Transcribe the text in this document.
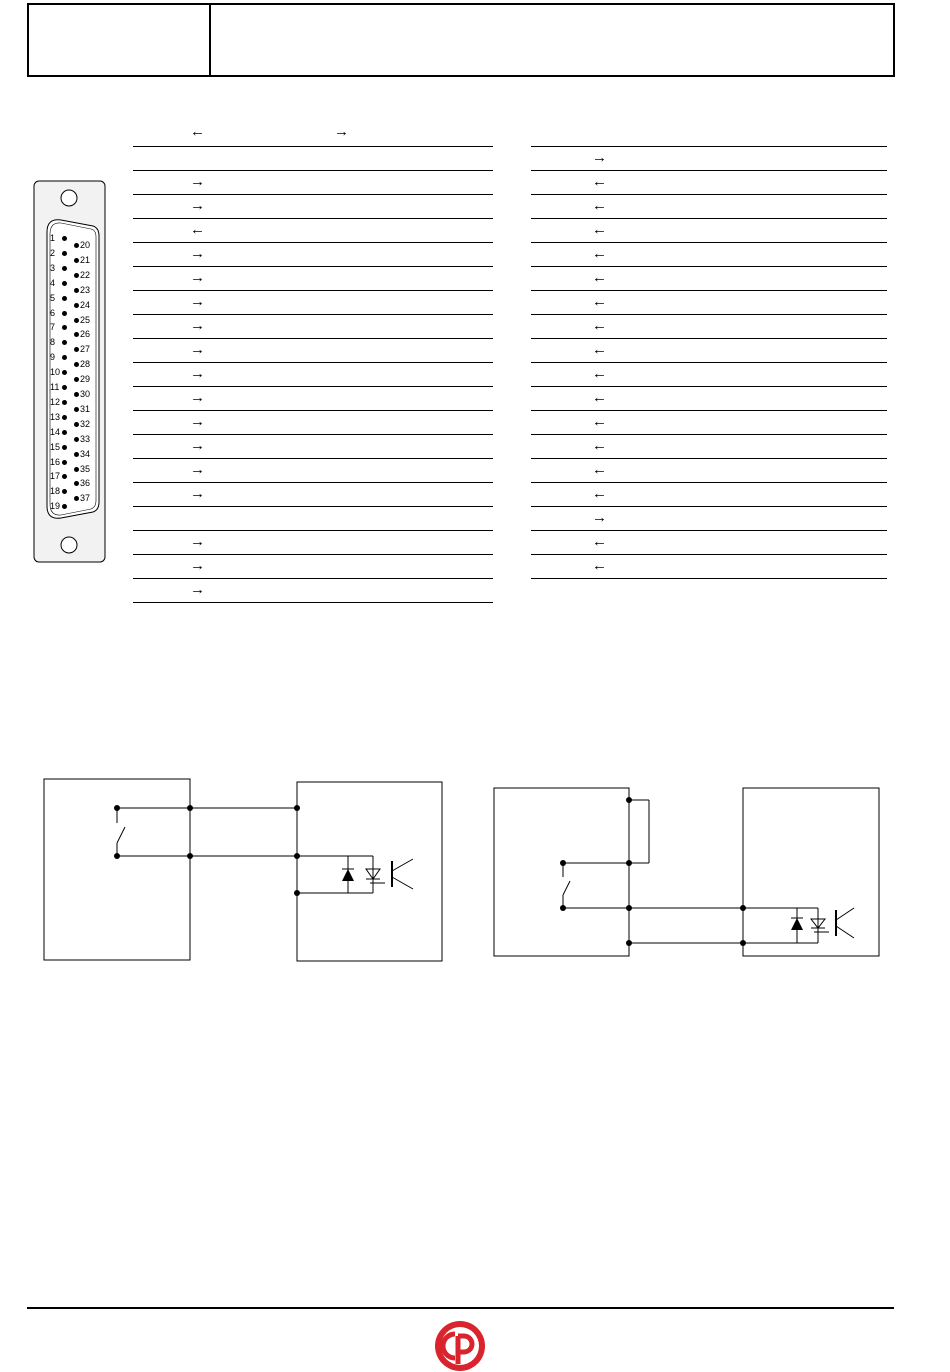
←	→
1
2
3
4
5
6
7
8
9
10
11
12
13
14
15
16
17
18
19
20
21
22
23
24
25
26
27
28
29
30
31
32
33
34
35
36
37
→
→
←
→
→
→
→
→
→
→
→
→
→
→
→
→
→
→
←
←
←
←
←
←
←
←
←
←
←
←
←
←
→
←
←
